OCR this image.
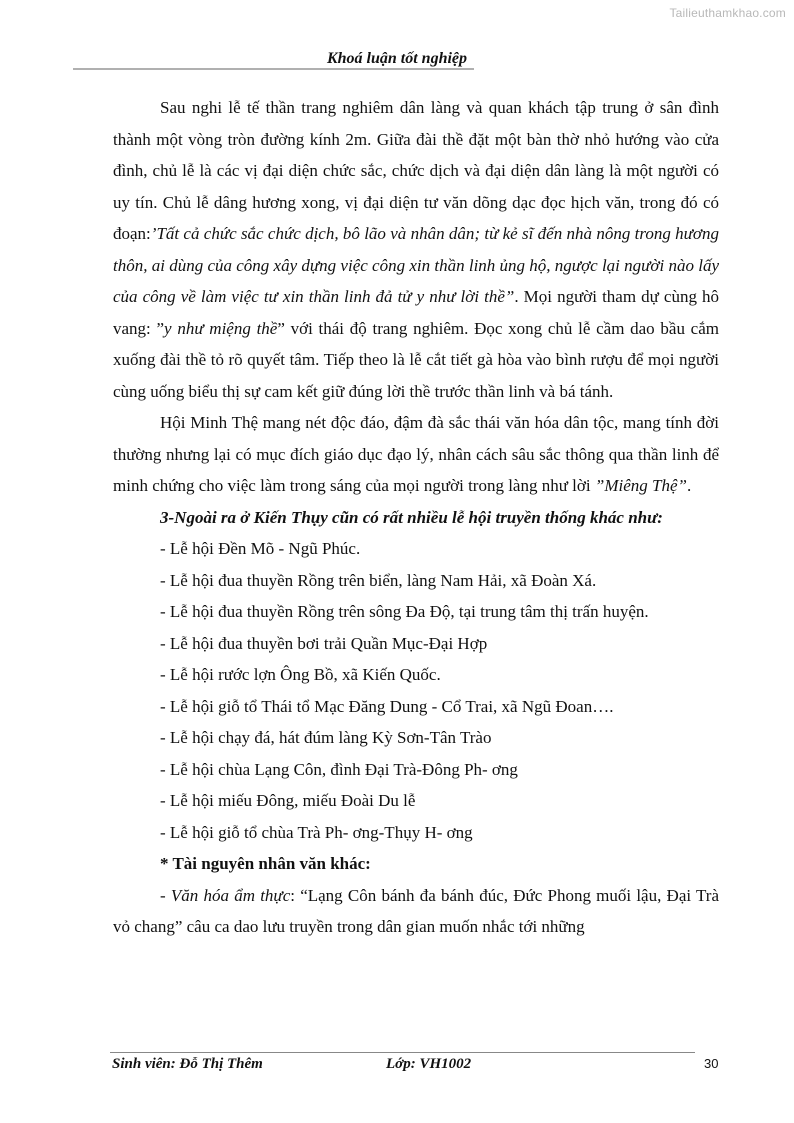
Tailieuthamkhao.com
Khoá luận tốt nghiệp

Sau nghi lễ tế thần trang nghiêm dân làng và quan khách tập trung ở sân đình thành một vòng tròn đường kính 2m. Giữa đài thề đặt một bàn thờ nhỏ hướng vào cửa đình, chủ lễ là các vị đại diện chức sắc, chức dịch và đại diện dân làng là một người có uy tín. Chủ lễ dâng hương xong, vị đại diện tư văn dõng dạc đọc hịch văn, trong đó có đoạn:’Tất cả chức sắc chức dịch, bô lão và nhân dân; từ kẻ sĩ đến nhà nông trong hương thôn, ai dùng của công xây dựng việc công xin thần linh ủng hộ, ngược lại người nào lấy của công về làm việc tư xin thần linh đả tử y như lời thề”. Mọi người tham dự cùng hô vang: ”y như miệng thề” với thái độ trang nghiêm. Đọc xong chủ lễ cầm dao bầu cắm xuống đài thề tỏ rõ quyết tâm. Tiếp theo là lễ cắt tiết gà hòa vào bình rượu để mọi người cùng uống biểu thị sự cam kết giữ đúng lời thề trước thần linh và bá tánh.

Hội Minh Thệ mang nét độc đáo, đậm đà sắc thái văn hóa dân tộc, mang tính đời thường nhưng lại có mục đích giáo dục đạo lý, nhân cách sâu sắc thông qua thần linh để minh chứng cho việc làm trong sáng của mọi người trong làng như lời ”Miêng Thệ”.

3-Ngoài ra ở Kiến Thụy cũn có rất nhiều lễ hội truyền thống khác như:

- Lễ hội Đền Mõ - Ngũ Phúc.

- Lễ hội đua thuyền Rồng trên biển, làng Nam Hải, xã Đoàn Xá.

- Lễ hội đua thuyền Rồng trên sông Đa Độ, tại trung tâm thị trấn huyện.

- Lễ hội đua thuyền bơi trải Quần Mục-Đại Hợp

- Lễ hội rước lợn Ông Bồ, xã Kiến Quốc.

- Lễ hội giỗ tổ Thái tổ Mạc Đăng Dung - Cổ Trai, xã Ngũ Đoan….

- Lễ hội chạy đá, hát đúm làng Kỳ Sơn-Tân Trào

- Lễ hội chùa Lạng Côn, đình Đại Trà-Đông Ph- ơng

- Lễ hội miếu Đông, miếu Đoài Du lễ

- Lễ hội giỗ tổ chùa Trà Ph- ơng-Thụy H- ơng

* Tài nguyên nhân văn khác:

- Văn hóa ẩm thực: “Lạng Côn bánh đa bánh đúc, Đức Phong muối lậu, Đại Trà vỏ chang” câu ca dao lưu truyền trong dân gian muốn nhắc tới những

Sinh viên: Đỗ Thị Thêm	Lớp: VH1002	30
